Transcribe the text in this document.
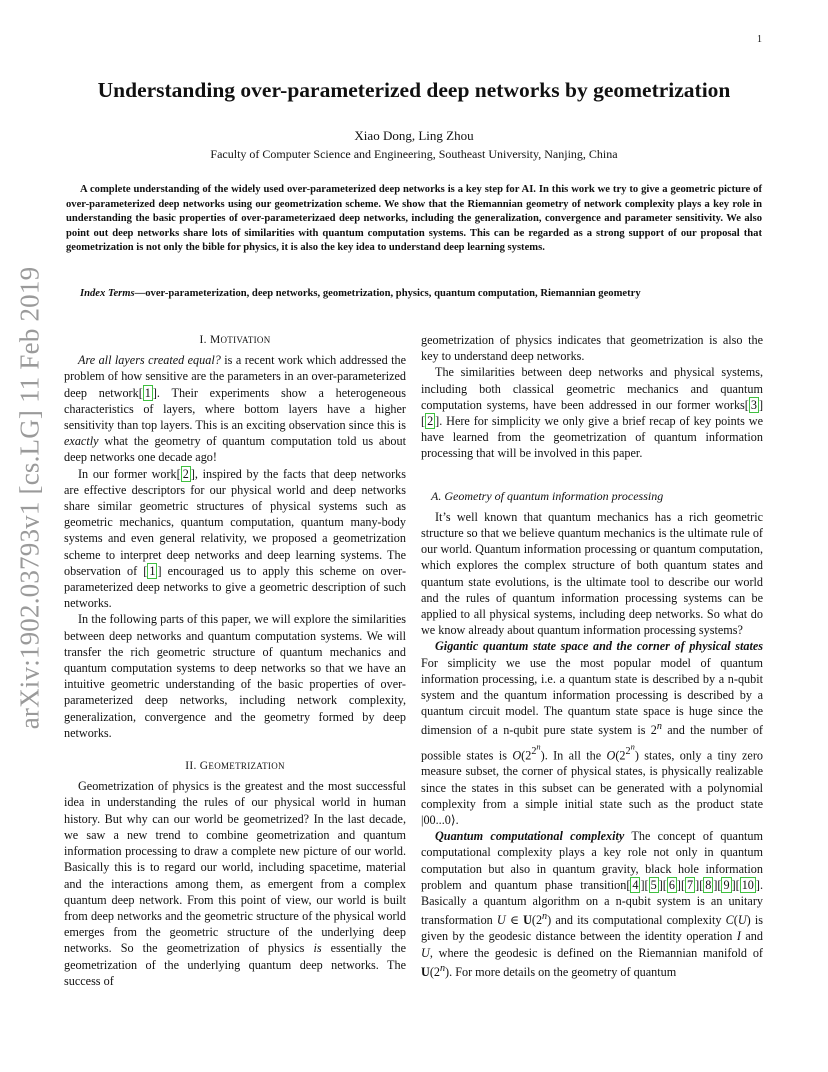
1
arXiv:1902.03793v1 [cs.LG] 11 Feb 2019
Understanding over-parameterized deep networks by geometrization
Xiao Dong, Ling Zhou
Faculty of Computer Science and Engineering, Southeast University, Nanjing, China

A complete understanding of the widely used over-parameterized deep networks is a key step for AI. In this work we try to give a geometric picture of over-parameterized deep networks using our geometrization scheme. We show that the Riemannian geometry of network complexity plays a key role in understanding the basic properties of over-parameterizaed deep networks, including the generalization, convergence and parameter sensitivity. We also point out deep networks share lots of similarities with quantum computation systems. This can be regarded as a strong support of our proposal that geometrization is not only the bible for physics, it is also the key idea to understand deep learning systems.

Index Terms—over-parameterization, deep networks, geometrization, physics, quantum computation, Riemannian geometry

I. MOTIVATION

Are all layers created equal? is a recent work which addressed the problem of how sensitive are the parameters in an over-parameterized deep network[ 1 ]. Their experiments show a heterogeneous characteristics of layers, where bottom layers have a higher sensitivity than top layers. This is an exciting observation since this is exactly what the geometry of quantum computation told us about deep networks one decade ago!

In our former work[ 2 ], inspired by the facts that deep networks are effective descriptors for our physical world and deep networks share similar geometric structures of physical systems such as geometric mechanics, quantum computation, quantum many-body systems and even general relativity, we proposed a geometrization scheme to interpret deep networks and deep learning systems. The observation of [ 1 ] encouraged us to apply this scheme on over-parameterized deep networks to give a geometric description of such networks.

In the following parts of this paper, we will explore the similarities between deep networks and quantum computation systems. We will transfer the rich geometric structure of quantum mechanics and quantum computation systems to deep networks so that we have an intuitive geometric understanding of the basic properties of over-parameterized deep networks, including network complexity, generalization, convergence and the geometry formed by deep networks.

II. GEOMETRIZATION

Geometrization of physics is the greatest and the most successful idea in understanding the rules of our physical world in human history. But why can our world be geometrized? In the last decade, we saw a new trend to combine geometrization and quantum information processing to draw a complete new picture of our world. Basically this is to regard our world, including spacetime, material and the interactions among them, as emergent from a complex quantum deep network. From this point of view, our world is built from deep networks and the geometric structure of the physical world emerges from the geometric structure of the underlying deep networks. So the geometrization of physics is essentially the geometrization of the underlying quantum deep networks. The success of

geometrization of physics indicates that geometrization is also the key to understand deep networks.

The similarities between deep networks and physical systems, including both classical geometric mechanics and quantum computation systems, have been addressed in our former works[ 3 ][ 2 ]. Here for simplicity we only give a brief recap of key points we have learned from the geometrization of quantum information processing that will be involved in this paper.

A. Geometry of quantum information processing

It’s well known that quantum mechanics has a rich geometric structure so that we believe quantum mechanics is the ultimate rule of our world. Quantum information processing or quantum computation, which explores the complex structure of both quantum states and quantum state evolutions, is the ultimate tool to describe our world and the rules of quantum information processing systems can be applied to all physical systems, including deep networks. So what do we know already about quantum information processing systems?

Gigantic quantum state space and the corner of physical states For simplicity we use the most popular model of quantum information processing, i.e. a quantum state is described by a n-qubit system and the quantum information processing is described by a quantum circuit model. The quantum state space is huge since the dimension of a n-qubit pure state system is 2$^n$ and the number of possible states is $O(2^{2^n})$. In all the $O(2^{2^n})$ states, only a tiny zero measure subset, the corner of physical states, is physically realizable since the states in this subset can be generated with a polynomial complexity from a simple initial state such as the product state |00...0⟩.

Quantum computational complexity The concept of quantum computational complexity plays a key role not only in quantum computation but also in quantum gravity, black hole information problem and quantum phase transition[ 4 ][ 5 ][ 6 ][ 7 ][ 8 ][ 9 ][ 10 ]. Basically a quantum algorithm on a n-qubit system is an unitary transformation U ∈ U(2$^n$) and its computational complexity C(U) is given by the geodesic distance between the identity operation I and U, where the geodesic is defined on the Riemannian manifold of U(2$^n$). For more details on the geometry of quantum
